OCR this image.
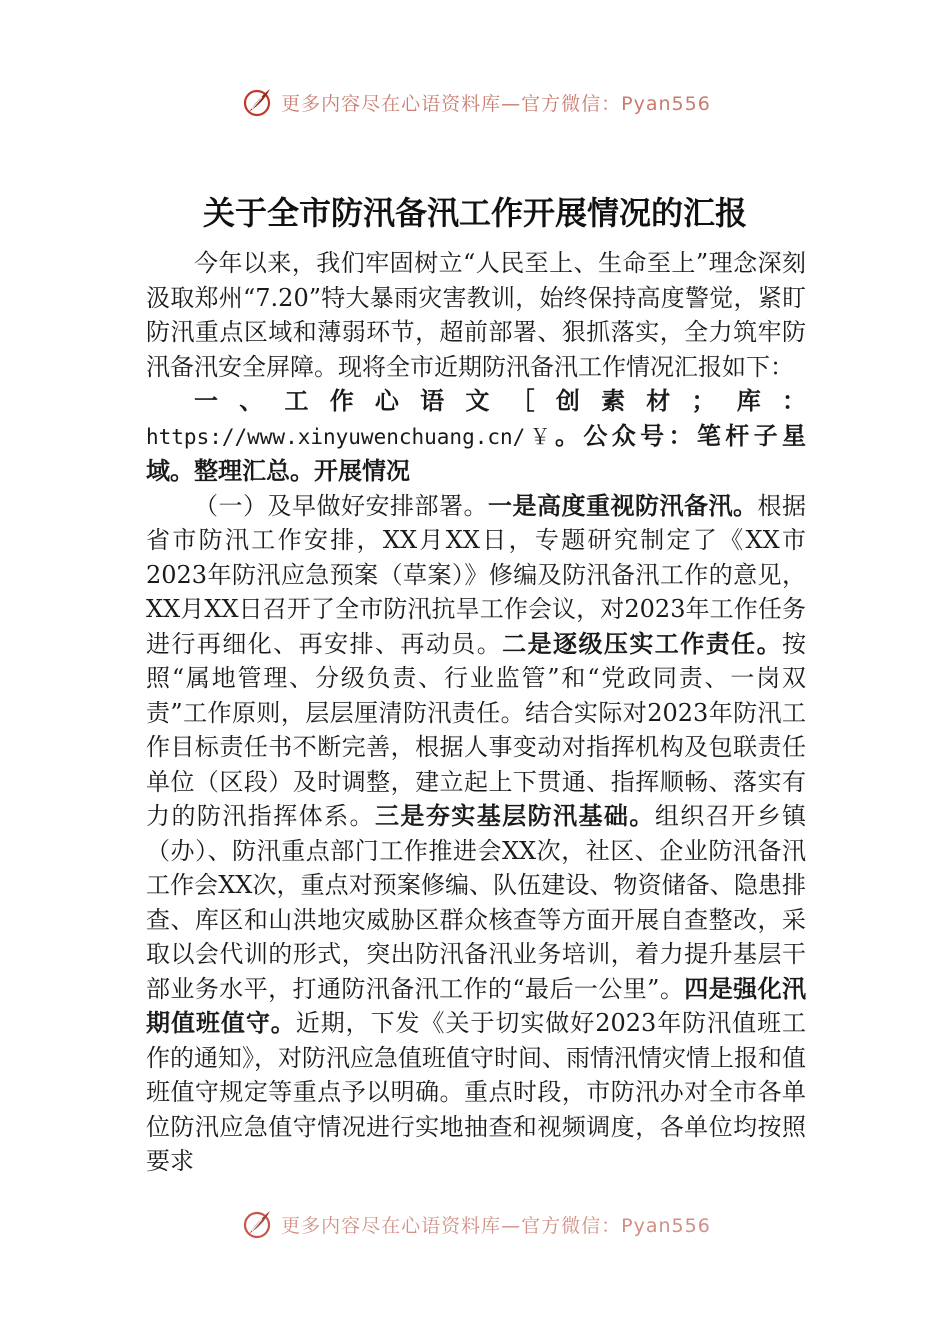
更多内容尽在心语资料库—官方微信：Pyan556
关于全市防汛备汛工作开展情况的汇报

今年以来，我们牢固树立“人民至上、生命至上”理念深刻汲取郑州“7.20”特大暴雨灾害教训，始终保持高度警觉，紧盯防汛重点区域和薄弱环节，超前部署、狠抓落实，全力筑牢防汛备汛安全屏障。现将全市近期防汛备汛工作情况汇报如下：

一、工作心语文［创素材；库：https://www.xinyuwenchuang.cn/￥。公众号：笔杆子星域。整理汇总。开展情况

（一）及早做好安排部署。一是高度重视防汛备汛。根据省市防汛工作安排，XX月XX日，专题研究制定了《XX市2023年防汛应急预案（草案）》修编及防汛备汛工作的意见，XX月XX日召开了全市防汛抗旱工作会议，对2023年工作任务进行再细化、再安排、再动员。二是逐级压实工作责任。按照“属地管理、分级负责、行业监管”和“党政同责、一岗双责”工作原则，层层厘清防汛责任。结合实际对2023年防汛工作目标责任书不断完善，根据人事变动对指挥机构及包联责任单位（区段）及时调整，建立起上下贯通、指挥顺畅、落实有力的防汛指挥体系。三是夯实基层防汛基础。组织召开乡镇（办）、防汛重点部门工作推进会XX次，社区、企业防汛备汛工作会XX次，重点对预案修编、队伍建设、物资储备、隐患排查、库区和山洪地灾威胁区群众核查等方面开展自查整改，采取以会代训的形式，突出防汛备汛业务培训，着力提升基层干部业务水平，打通防汛备汛工作的“最后一公里”。四是强化汛期值班值守。近期，下发《关于切实做好2023年防汛值班工作的通知》，对防汛应急值班值守时间、雨情汛情灾情上报和值班值守规定等重点予以明确。重点时段，市防汛办对全市各单位防汛应急值守情况进行实地抽查和视频调度，各单位均按照要求

更多内容尽在心语资料库—官方微信：Pyan556
